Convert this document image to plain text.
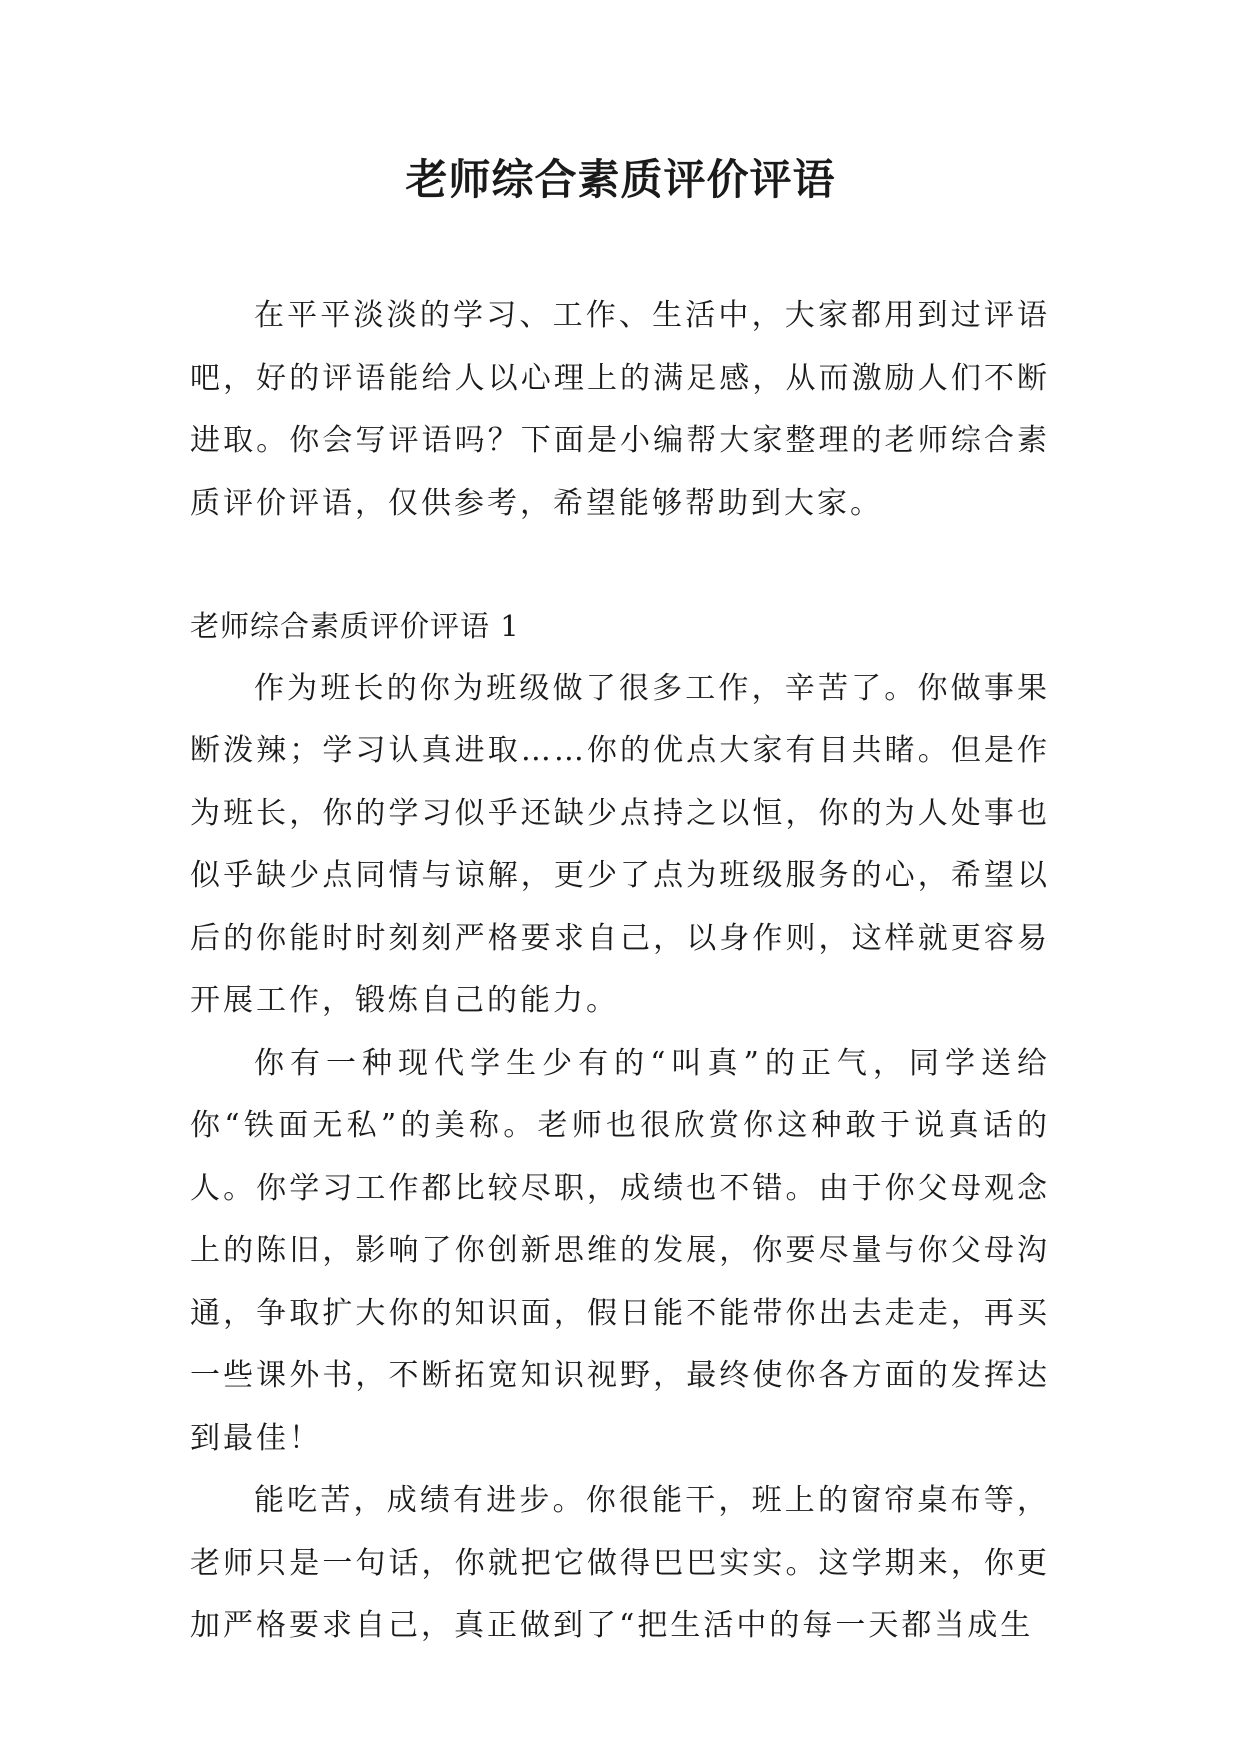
老师综合素质评价评语

在平平淡淡的学习、工作、生活中，大家都用到过评语吧，好的评语能给人以心理上的满足感，从而激励人们不断进取。你会写评语吗？下面是小编帮大家整理的老师综合素质评价评语，仅供参考，希望能够帮助到大家。

老师综合素质评价评语 1

作为班长的你为班级做了很多工作，辛苦了。你做事果断泼辣；学习认真进取……你的优点大家有目共睹。但是作为班长，你的学习似乎还缺少点持之以恒，你的为人处事也似乎缺少点同情与谅解，更少了点为班级服务的心，希望以后的你能时时刻刻严格要求自己，以身作则，这样就更容易开展工作，锻炼自己的能力。

你有一种现代学生少有的“叫真”的正气，同学送给你“铁面无私”的美称。老师也很欣赏你这种敢于说真话的人。你学习工作都比较尽职，成绩也不错。由于你父母观念上的陈旧，影响了你创新思维的发展，你要尽量与你父母沟通，争取扩大你的知识面，假日能不能带你出去走走，再买一些课外书，不断拓宽知识视野，最终使你各方面的发挥达到最佳！

能吃苦，成绩有进步。你很能干，班上的窗帘桌布等，老师只是一句话，你就把它做得巴巴实实。这学期来，你更加严格要求自己，真正做到了“把生活中的每一天都当成生
